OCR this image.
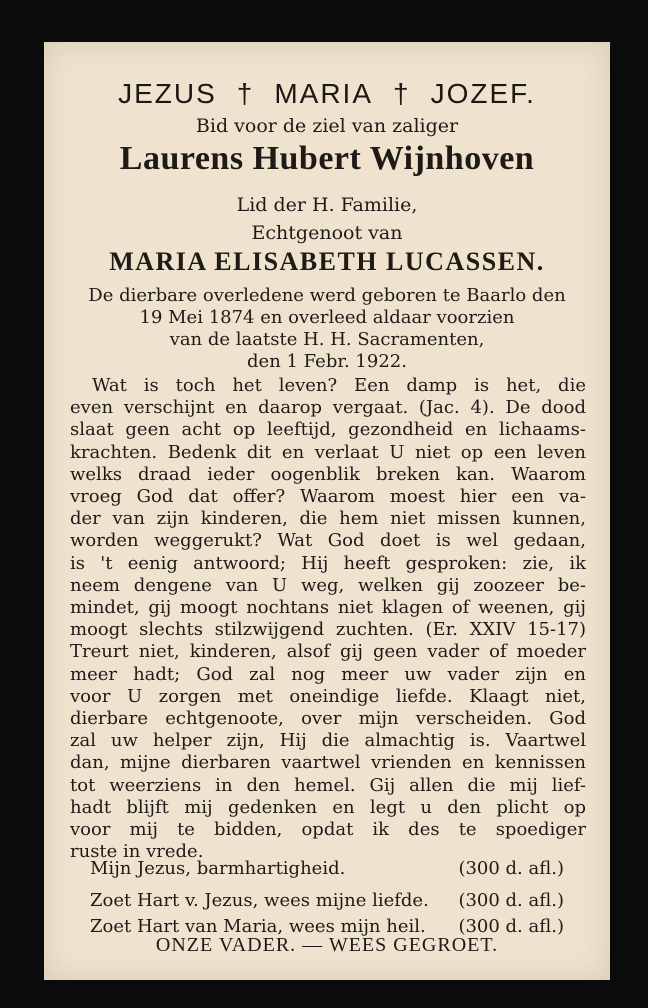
JEZUS † MARIA † JOZEF.
Bid voor de ziel van zaliger
Laurens Hubert Wijnhoven
Lid der H. Familie,
Echtgenoot van
MARIA ELISABETH LUCASSEN.
De dierbare overledene werd geboren te Baarlo den
19 Mei 1874 en overleed aldaar voorzien
van de laatste H. H. Sacramenten,
den 1 Febr. 1922.
Wat is toch het leven? Een damp is het, die
even verschijnt en daarop vergaat. (Jac. 4). De dood
slaat geen acht op leeftijd, gezondheid en lichaams-
krachten. Bedenk dit en verlaat U niet op een leven
welks draad ieder oogenblik breken kan. Waarom
vroeg God dat offer? Waarom moest hier een va-
der van zijn kinderen, die hem niet missen kunnen,
worden weggerukt? Wat God doet is wel gedaan,
is 't eenig antwoord; Hij heeft gesproken: zie, ik
neem dengene van U weg, welken gij zoozeer be-
mindet, gij moogt nochtans niet klagen of weenen, gij
moogt slechts stilzwijgend zuchten. (Er. XXIV 15-17)
Treurt niet, kinderen, alsof gij geen vader of moeder
meer hadt; God zal nog meer uw vader zijn en
voor U zorgen met oneindige liefde. Klaagt niet,
dierbare echtgenoote, over mijn verscheiden. God
zal uw helper zijn, Hij die almachtig is. Vaartwel
dan, mijne dierbaren vaartwel vrienden en kennissen
tot weerziens in den hemel. Gij allen die mij lief-
hadt blijft mij gedenken en legt u den plicht op
voor mij te bidden, opdat ik des te spoediger
ruste in vrede.
Mijn Jezus, barmhartigheid.	(300 d. afl.)
Zoet Hart v. Jezus, wees mijne liefde. (300 d. afl.)
Zoet Hart van Maria, wees mijn heil. (300 d. afl.)
ONZE VADER. — WEES GEGROET.
